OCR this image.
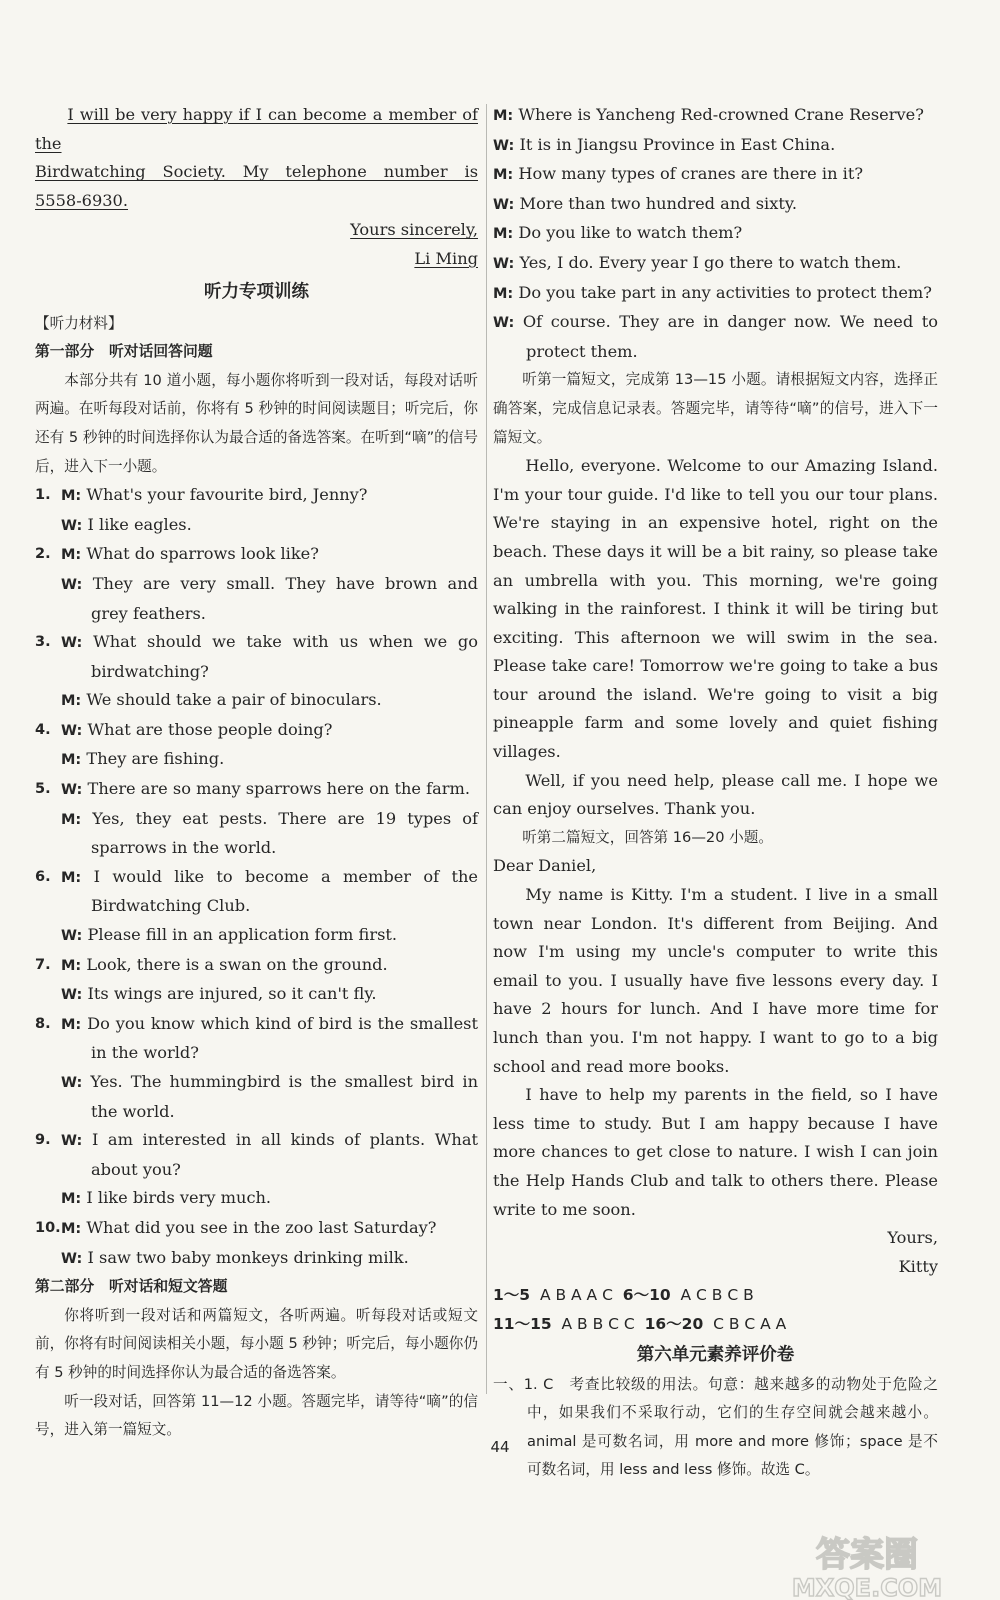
I will be very happy if I can become a member of the

Birdwatching Society. My telephone number is

5558-6930.

Yours sincerely,

Li Ming

听力专项训练

【听力材料】

第一部分　听对话回答问题

本部分共有 10 道小题，每小题你将听到一段对话，每段对话听两遍。在听每段对话前，你将有 5 秒钟的时间阅读题目；听完后，你还有 5 秒钟的时间选择你认为最合适的备选答案。在听到“嘀”的信号后，进入下一小题。

1. M: What's your favourite bird, Jenny?

W: I like eagles.

2. M: What do sparrows look like?

W: They are very small. They have brown and grey feathers.

3. W: What should we take with us when we go birdwatching?

M: We should take a pair of binoculars.

4. W: What are those people doing?

M: They are fishing.

5. W: There are so many sparrows here on the farm.

M: Yes, they eat pests. There are 19 types of sparrows in the world.

6. M: I would like to become a member of the Birdwatching Club.

W: Please fill in an application form first.

7. M: Look, there is a swan on the ground.

W: Its wings are injured, so it can't fly.

8. M: Do you know which kind of bird is the smallest in the world?

W: Yes. The hummingbird is the smallest bird in the world.

9. W: I am interested in all kinds of plants. What about you?

M: I like birds very much.

10. M: What did you see in the zoo last Saturday?

W: I saw two baby monkeys drinking milk.

第二部分　听对话和短文答题

你将听到一段对话和两篇短文，各听两遍。听每段对话或短文前，你将有时间阅读相关小题，每小题 5 秒钟；听完后，每小题你仍有 5 秒钟的时间选择你认为最合适的备选答案。

听一段对话，回答第 11—12 小题。答题完毕，请等待“嘀”的信号，进入第一篇短文。

M: Where is Yancheng Red-crowned Crane Reserve?

W: It is in Jiangsu Province in East China.

M: How many types of cranes are there in it?

W: More than two hundred and sixty.

M: Do you like to watch them?

W: Yes, I do. Every year I go there to watch them.

M: Do you take part in any activities to protect them?

W: Of course. They are in danger now. We need to protect them.

听第一篇短文，完成第 13—15 小题。请根据短文内容，选择正确答案，完成信息记录表。答题完毕，请等待“嘀”的信号，进入下一篇短文。

Hello, everyone. Welcome to our Amazing Island. I'm your tour guide. I'd like to tell you our tour plans. We're staying in an expensive hotel, right on the beach. These days it will be a bit rainy, so please take an umbrella with you. This morning, we're going walking in the rainforest. I think it will be tiring but exciting. This afternoon we will swim in the sea. Please take care! Tomorrow we're going to take a bus tour around the island. We're going to visit a big pineapple farm and some lovely and quiet fishing villages.

Well, if you need help, please call me. I hope we can enjoy ourselves. Thank you.

听第二篇短文，回答第 16—20 小题。

Dear Daniel,

My name is Kitty. I'm a student. I live in a small town near London. It's different from Beijing. And now I'm using my uncle's computer to write this email to you. I usually have five lessons every day. I have 2 hours for lunch. And I have more time for lunch than you. I'm not happy. I want to go to a big school and read more books.

I have to help my parents in the field, so I have less time to study. But I am happy because I have more chances to get close to nature. I wish I can join the Help Hands Club and talk to others there. Please write to me soon.

Yours,

Kitty

1～5 A B A A C 6～10 A C B C B

11～15 A B B C C 16～20 C B C A A

第六单元素养评价卷

一、1. C　考查比较级的用法。句意：越来越多的动物处于危险之中，如果我们不采取行动，它们的生存空间就会越来越小。animal 是可数名词，用 more and more 修饰；space 是不可数名词，用 less and less 修饰。故选 C。

44
答案圈
MXQE.COM
